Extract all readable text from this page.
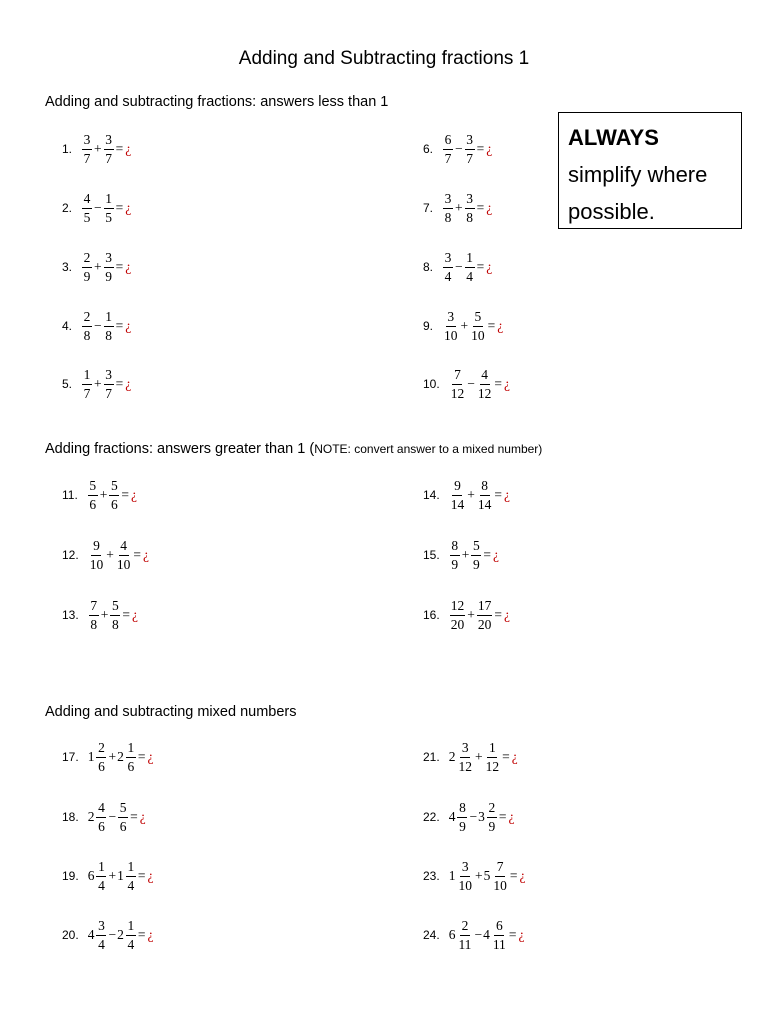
Adding and Subtracting fractions 1
Adding and subtracting fractions: answers less than 1
ALWAYS
simplify where
possible.
Adding fractions: answers greater than 1 (NOTE: convert answer to a mixed number)
Adding and subtracting mixed numbers
1. $\frac{3}{7} + \frac{3}{7}$ = ¿
2. $\frac{4}{5} - \frac{1}{5}$ = ¿
3. $\frac{2}{9} + \frac{3}{9}$ = ¿
4. $\frac{2}{8} - \frac{1}{8}$ = ¿
5. $\frac{1}{7} + \frac{3}{7}$ = ¿
6. $\frac{6}{7} - \frac{3}{7}$ = ¿
7. $\frac{3}{8} + \frac{3}{8}$ = ¿
8. $\frac{3}{4} - \frac{1}{4}$ = ¿
9. $\frac{3}{10} + \frac{5}{10}$ = ¿
10. $\frac{7}{12} - \frac{4}{12}$ = ¿
11. $\frac{5}{6} + \frac{5}{6}$ = ¿
12. $\frac{9}{10} + \frac{4}{10}$ = ¿
13. $\frac{7}{8} + \frac{5}{8}$ = ¿
14. $\frac{9}{14} + \frac{8}{14}$ = ¿
15. $\frac{8}{9} + \frac{5}{9}$ = ¿
16. $\frac{12}{20} + \frac{17}{20}$ = ¿
17. $1 \frac{2}{6} + 2 \frac{1}{6}$ = ¿
18. $2 \frac{4}{6} - \frac{5}{6}$ = ¿
19. $6 \frac{1}{4} + 1 \frac{1}{4}$ = ¿
20. $4 \frac{3}{4} - 2 \frac{1}{4}$ = ¿
21. $2 \frac{3}{12} + \frac{1}{12}$ = ¿
22. $4 \frac{8}{9} - 3 \frac{2}{9}$ = ¿
23. $1 \frac{3}{10} + 5 \frac{7}{10}$ = ¿
24. $6 \frac{2}{11} - 4 \frac{6}{11}$ = ¿
